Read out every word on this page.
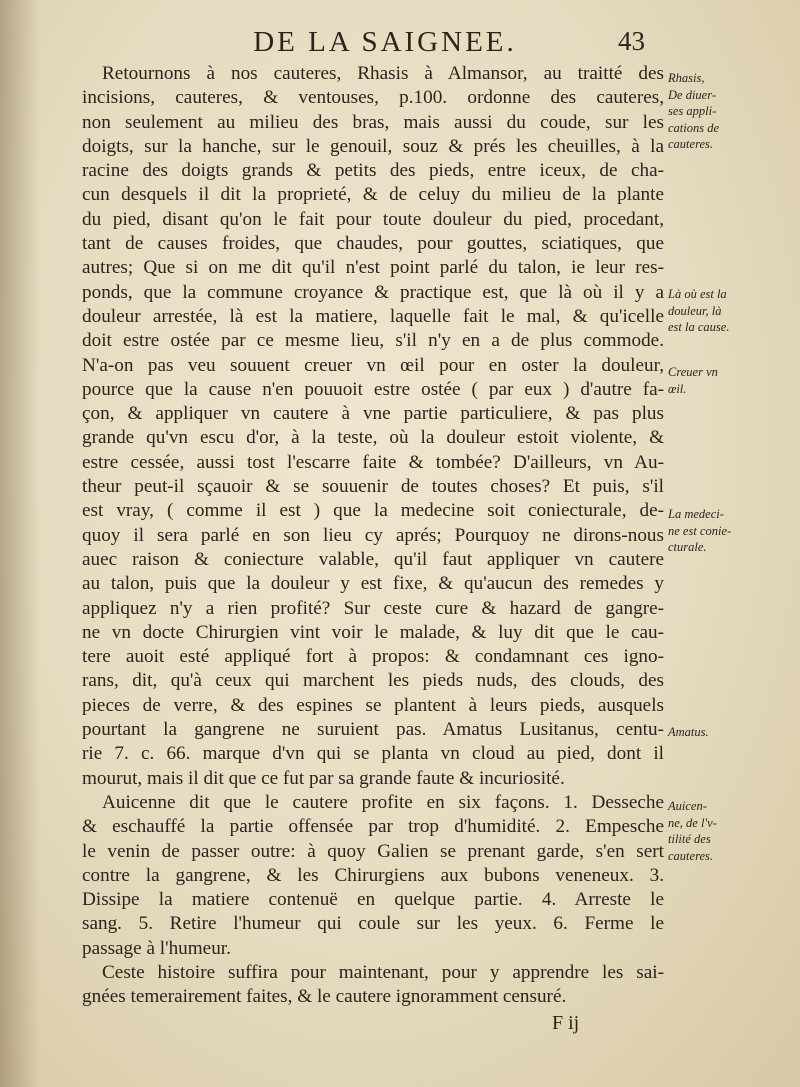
DE LA SAIGNEE.	43
Retournons à nos cauteres, Rhasis à Almansor, au traitté des
incisions, cauteres, & ventouses, p.100. ordonne des cauteres,
non seulement au milieu des bras, mais aussi du coude, sur les
doigts, sur la hanche, sur le genouil, souz & prés les cheuilles, à la
racine des doigts grands & petits des pieds, entre iceux, de cha-
cun desquels il dit la proprieté, & de celuy du milieu de la plante
du pied, disant qu'on le fait pour toute douleur du pied, procedant,
tant de causes froides, que chaudes, pour gouttes, sciatiques, que
autres; Que si on me dit qu'il n'est point parlé du talon, ie leur res-
ponds, que la commune croyance & practique est, que là où il y a
douleur arrestée, là est la matiere, laquelle fait le mal, & qu'icelle
doit estre ostée par ce mesme lieu, s'il n'y en a de plus commode.
N'a-on pas veu souuent creuer vn œil pour en oster la douleur,
pource que la cause n'en pouuoit estre ostée ( par eux ) d'autre fa-
çon, & appliquer vn cautere à vne partie particuliere, & pas plus
grande qu'vn escu d'or, à la teste, où la douleur estoit violente, &
estre cessée, aussi tost l'escarre faite & tombée? D'ailleurs, vn Au-
theur peut-il sçauoir & se souuenir de toutes choses? Et puis, s'il
est vray, ( comme il est ) que la medecine soit coniecturale, de-
quoy il sera parlé en son lieu cy aprés; Pourquoy ne dirons-nous
auec raison & coniecture valable, qu'il faut appliquer vn cautere
au talon, puis que la douleur y est fixe, & qu'aucun des remedes y
appliquez n'y a rien profité? Sur ceste cure & hazard de gangre-
ne vn docte Chirurgien vint voir le malade, & luy dit que le cau-
tere auoit esté appliqué fort à propos: & condamnant ces igno-
rans, dit, qu'à ceux qui marchent les pieds nuds, des clouds, des
pieces de verre, & des espines se plantent à leurs pieds, ausquels
pourtant la gangrene ne suruient pas. Amatus Lusitanus, centu-
rie 7. c. 66. marque d'vn qui se planta vn cloud au pied, dont il
mourut, mais il dit que ce fut par sa grande faute & incuriosité.
Auicenne dit que le cautere profite en six façons. 1. Desseche
& eschauffé la partie offensée par trop d'humidité. 2. Empesche
le venin de passer outre: à quoy Galien se prenant garde, s'en sert
contre la gangrene, & les Chirurgiens aux bubons veneneux. 3.
Dissipe la matiere contenuë en quelque partie. 4. Arreste le
sang. 5. Retire l'humeur qui coule sur les yeux. 6. Ferme le
passage à l'humeur.
Ceste histoire suffira pour maintenant, pour y apprendre les sai-
gnées temerairement faites, & le cautere ignoramment censuré.
Rhasis,
De diuer-
ses appli-
cations de
cauteres.
Là où est la
douleur, là
est la cause.
Creuer vn
œil.
La medeci-
ne est conie-
cturale.
Amatus.
Auicen-
ne, de l'v-
tilité des
cauteres.
F ij
